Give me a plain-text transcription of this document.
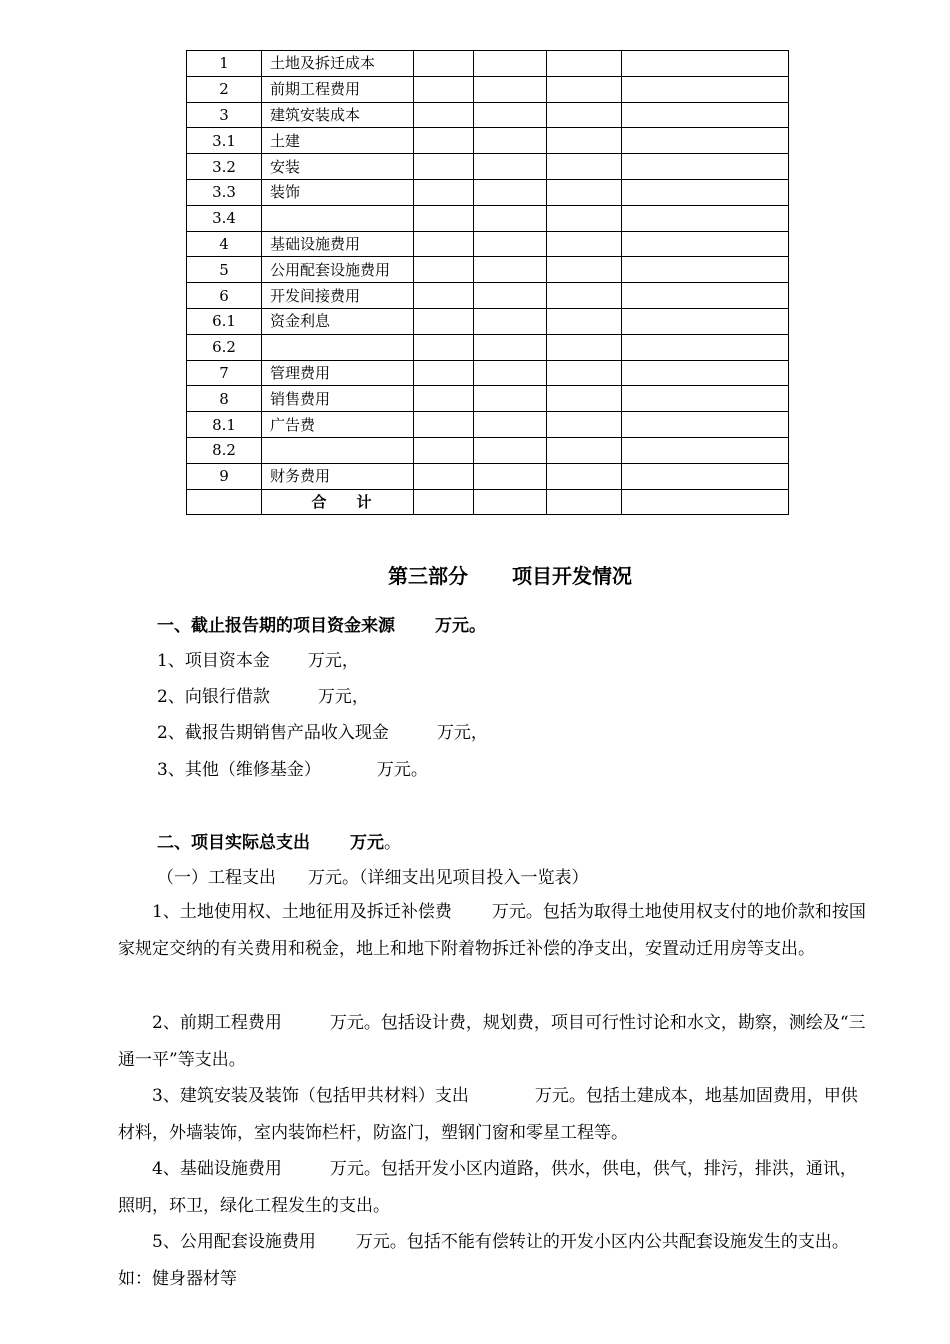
1	土地及拆迁成本				
2	前期工程费用				
3	建筑安装成本				
3.1	土建				
3.2	安装				
3.3	装饰				
3.4					
4	基础设施费用				
5	公用配套设施费用				
6	开发间接费用				
6.1	资金利息				
6.2					
7	管理费用				
8	销售费用				
8.1	广告费				
8.2					
9	财务费用				
	合　　计				
第三部分 项目开发情况
一、截止报告期的项目资金来源 万元。
1、项目资本金 万元，
2、向银行借款	万元，
2、截报告期销售产品收入现金	万元，
3、其他（维修基金）	万元。
二、项目实际总支出 万元。
（一）工程支出 万元。（详细支出见项目投入一览表）
1、土地使用权、土地征用及拆迁补偿费 万元。包括为取得土地使用权支付的地价款和按国家规定交纳的有关费用和税金，地上和地下附着物拆迁补偿的净支出，安置动迁用房等支出。
2、前期工程费用	万元。包括设计费，规划费，项目可行性讨论和水文，勘察，测绘及“三通一平”等支出。
3、建筑安装及装饰（包括甲共材料）支出	万元。包括土建成本，地基加固费用，甲供材料，外墙装饰，室内装饰栏杆，防盗门，塑钢门窗和零星工程等。
4、基础设施费用	万元。包括开发小区内道路，供水，供电，供气，排污，排洪，通讯，照明，环卫，绿化工程发生的支出。
5、公用配套设施费用 万元。包括不能有偿转让的开发小区内公共配套设施发生的支出。如：健身器材等
